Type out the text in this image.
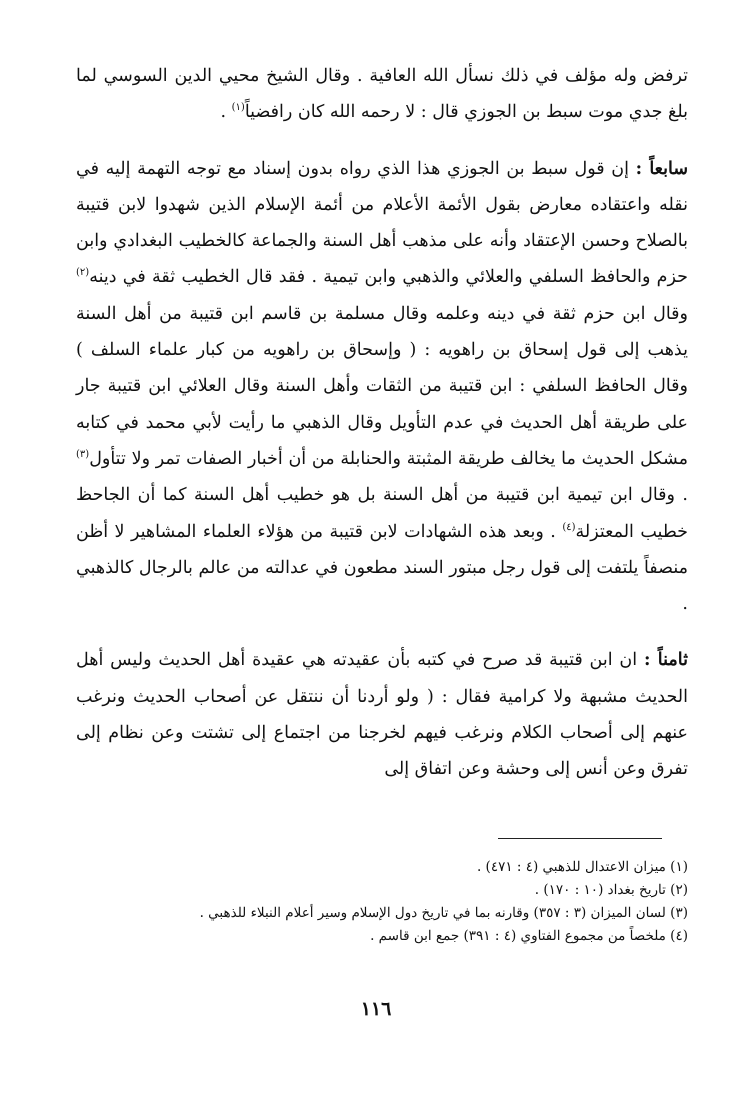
ترفض وله مؤلف في ذلك نسأل الله العافية . وقال الشيخ محيي الدين السوسي لما بلغ جدي موت سبط بن الجوزي قال : لا رحمه الله كان رافضياً$^{(١)}$ .

سابعاً : إن قول سبط بن الجوزي هذا الذي رواه بدون إسناد مع توجه التهمة إليه في نقله واعتقاده معارض بقول الأئمة الأعلام من أئمة الإسلام الذين شهدوا لابن قتيبة بالصلاح وحسن الإعتقاد وأنه على مذهب أهل السنة والجماعة كالخطيب البغدادي وابن حزم والحافظ السلفي والعلائي والذهبي وابن تيمية . فقد قال الخطيب ثقة في دينه$^{(٢)}$ وقال ابن حزم ثقة في دينه وعلمه وقال مسلمة بن قاسم ابن قتيبة من أهل السنة يذهب إلى قول إسحاق بن راهويه : ( وإسحاق بن راهويه من كبار علماء السلف ) وقال الحافظ السلفي : ابن قتيبة من الثقات وأهل السنة وقال العلائي ابن قتيبة جار على طريقة أهل الحديث في عدم التأويل وقال الذهبي ما رأيت لأبي محمد في كتابه مشكل الحديث ما يخالف طريقة المثبتة والحنابلة من أن أخبار الصفات تمر ولا تتأول$^{(٣)}$ . وقال ابن تيمية ابن قتيبة من أهل السنة بل هو خطيب أهل السنة كما أن الجاحظ خطيب المعتزلة$^{(٤)}$ . وبعد هذه الشهادات لابن قتيبة من هؤلاء العلماء المشاهير لا أظن منصفاً يلتفت إلى قول رجل مبتور السند مطعون في عدالته من عالم بالرجال كالذهبي .

ثامناً : ان ابن قتيبة قد صرح في كتبه بأن عقيدته هي عقيدة أهل الحديث وليس أهل الحديث مشبهة ولا كرامية فقال : ( ولو أردنا أن ننتقل عن أصحاب الحديث ونرغب عنهم إلى أصحاب الكلام ونرغب فيهم لخرجنا من اجتماع إلى تشتت وعن نظام إلى تفرق وعن أنس إلى وحشة وعن اتفاق إلى

(١) ميزان الاعتدال للذهبي (٤ : ٤٧١) .

(٢) تاريخ بغداد (١٠ : ١٧٠) .

(٣) لسان الميزان (٣ : ٣٥٧) وقارنه بما في تاريخ دول الإسلام وسير أعلام النبلاء للذهبي .

(٤) ملخصاً من مجموع الفتاوي (٤ : ٣٩١) جمع ابن قاسم .

١١٦
